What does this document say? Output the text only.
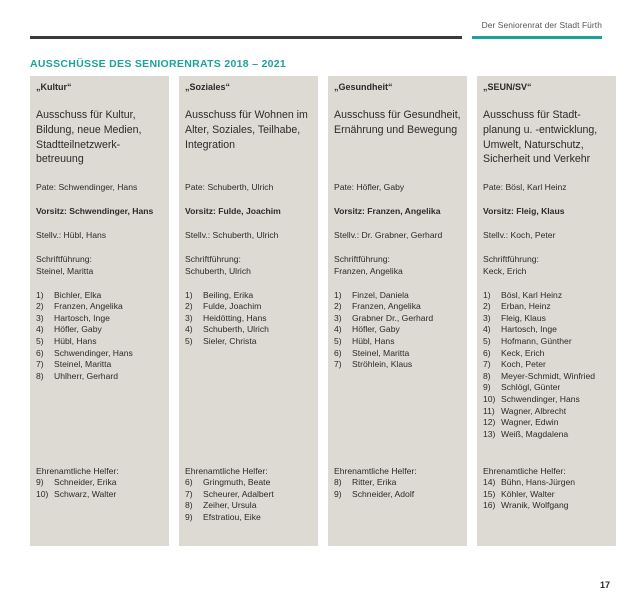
Der Seniorenrat der Stadt Fürth
AUSSCHÜSSE DES SENIORENRATS 2018 – 2021
„Kultur“
Ausschuss für Kultur, Bildung, neue Medien, Stadtteilnetzwerk-betreuung
Pate: Schwendinger, Hans
Vorsitz: Schwendinger, Hans
Stellv.: Hübl, Hans
Schriftführung:
Steinel, Maritta
1)	Bichler, Elka
2)	Franzen, Angelika
3)	Hartosch, Inge
4)	Höfler, Gaby
5)	Hübl, Hans
6)	Schwendinger, Hans
7)	Steinel, Maritta
8)	Uhlherr, Gerhard
Ehrenamtliche Helfer:
9)	Schneider, Erika
10) Schwarz, Walter
„Soziales“
Ausschuss für Wohnen im Alter, Soziales, Teilhabe, Integration
Pate: Schuberth, Ulrich
Vorsitz: Fulde, Joachim
Stellv.: Schuberth, Ulrich
Schriftführung:
Schuberth, Ulrich
1)	Beiling, Erika
2)	Fulde, Joachim
3)	Heidötting, Hans
4)	Schuberth, Ulrich
5)	Sieler, Christa
Ehrenamtliche Helfer:
6)	Gringmuth, Beate
7)	Scheurer, Adalbert
8)	Zeiher, Ursula
9)	Efstratiou, Eike
„Gesundheit“
Ausschuss für Gesundheit, Ernährung und Bewegung
Pate: Höfler, Gaby
Vorsitz: Franzen, Angelika
Stellv.: Dr. Grabner, Gerhard
Schriftführung:
Franzen, Angelika
1)	Finzel, Daniela
2)	Franzen, Angelika
3)	Grabner Dr., Gerhard
4)	Höfler, Gaby
5)	Hübl, Hans
6)	Steinel, Maritta
7)	Ströhlein, Klaus
Ehrenamtliche Helfer:
8)	Ritter, Erika
9)	Schneider, Adolf
„SEUN/SV“
Ausschuss für Stadt-planung u. -entwicklung, Umwelt, Naturschutz, Sicherheit und Verkehr
Pate: Bösl, Karl Heinz
Vorsitz: Fleig, Klaus
Stellv.: Koch, Peter
Schriftführung:
Keck, Erich
1)	Bösl, Karl Heinz
2)	Erban, Heinz
3)	Fleig, Klaus
4)	Hartosch, Inge
5)	Hofmann, Günther
6)	Keck, Erich
7)	Koch, Peter
8)	Meyer-Schmidt, Winfried
9)	Schlögl, Günter
10) Schwendinger, Hans
11) Wagner, Albrecht
12) Wagner, Edwin
13) Weiß, Magdalena
Ehrenamtliche Helfer:
14) Bühn, Hans-Jürgen
15) Köhler, Walter
16) Wranik, Wolfgang
17
